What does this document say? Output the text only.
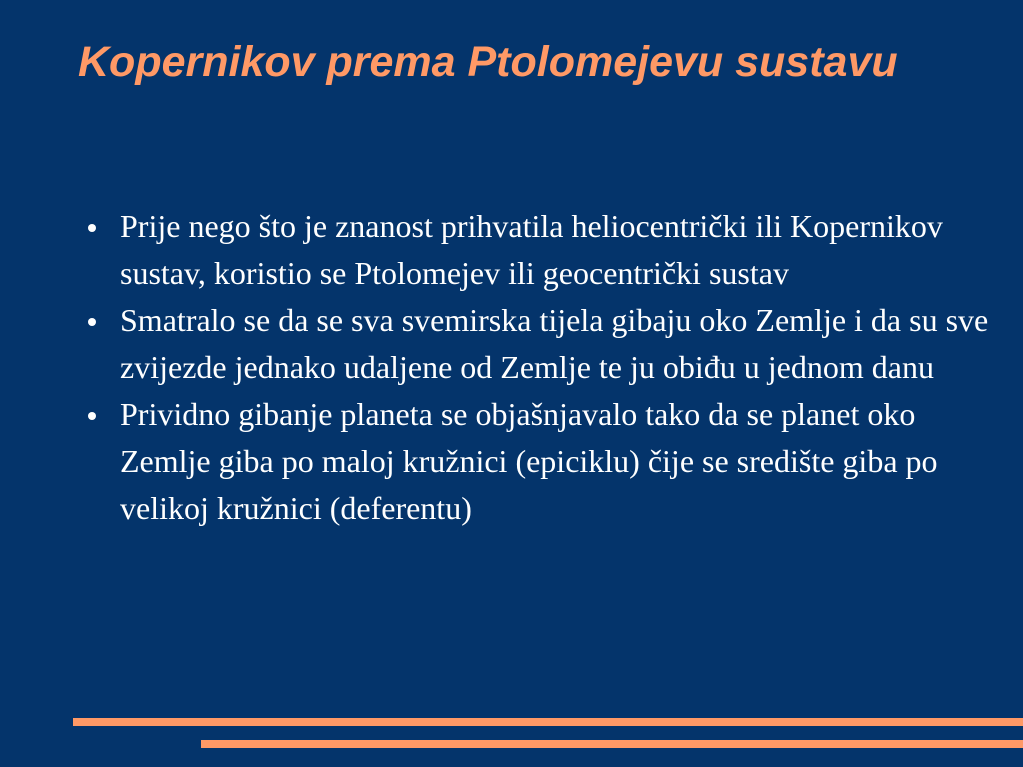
Kopernikov prema Ptolomejevu sustavu
Prije nego što je znanost prihvatila heliocentrički ili Kopernikov sustav, koristio se Ptolomejev ili geocentrički sustav
Smatralo se da se sva svemirska tijela gibaju oko Zemlje i da su sve zvijezde jednako udaljene od Zemlje te ju obiđu u jednom danu
Prividno gibanje planeta se objašnjavalo tako da se planet oko Zemlje giba po maloj kružnici (epiciklu) čije se središte giba po velikoj kružnici (deferentu)
